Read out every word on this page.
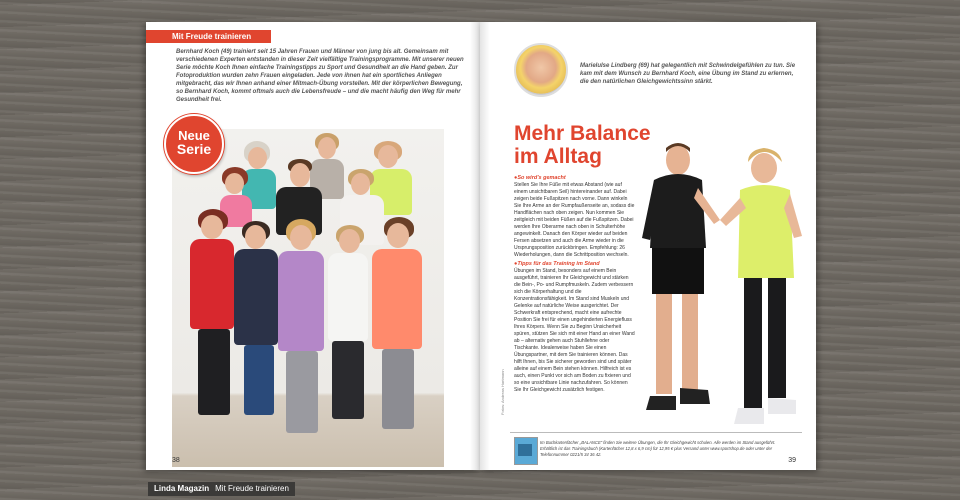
Mit Freude trainieren

Bernhard Koch (49) trainiert seit 15 Jahren Frauen und Männer von jung bis alt. Gemeinsam mit verschiedenen Experten entstanden in dieser Zeit vielfältige Trainingsprogramme. Mit unserer neuen Serie möchte Koch Ihnen einfache Trainingstipps zu Sport und Gesundheit an die Hand geben. Zur Fotoproduktion wurden zehn Frauen eingeladen. Jede von ihnen hat ein sportliches Anliegen mitgebracht, das wir Ihnen anhand einer Mitmach-Übung vorstellen. Mit der körperlichen Bewegung, so Bernhard Koch, kommt oftmals auch die Lebensfreude – und die macht häufig den Weg für mehr Gesundheit frei.

Neue
Serie
38

Marielulse Lindberg (69) hat gelegentlich mit Schwindelgefühlen zu tun. Sie kam mit dem Wunsch zu Bernhard Koch, eine Übung im Stand zu erlernen, die den natürlichen Gleichgewichtssinn stärkt.

Mehr Balance
im Alltag
● So wird's gemacht

Stellen Sie Ihre Füße mit etwas Abstand (wie auf einem unsichtbaren Seil) hintereinander auf. Dabei zeigen beide Fußspitzen nach vorne. Dann winkeln Sie Ihre Arme an der Rumpfaußenseite an, sodass die Handflächen nach oben zeigen. Nun kommen Sie zeitgleich mit beiden Füßen auf die Fußspitzen. Dabei werden Ihre Oberarme nach oben in Schulterhöhe angewinkelt. Danach den Körper wieder auf beiden Fersen absetzen und auch die Arme wieder in die Ursprungsposition zurückbringen. Empfehlung: 26 Wiederholungen, dann die Schrittposition wechseln.

● Tipps für das Training im Stand

Übungen im Stand, besonders auf einem Bein ausgeführt, trainieren Ihr Gleichgewicht und stärken die Bein-, Po- und Rumpfmuskeln. Zudem verbessern sich die Körperhaltung und die Konzentrationsfähigkeit. Im Stand sind Muskeln und Gelenke auf natürliche Weise ausgerichtet. Der Schwerkraft entsprechend, macht eine aufrechte Position Sie frei für einen ungehinderten Energiefluss Ihres Körpers. Wenn Sie zu Beginn Unsicherheit spüren, stützen Sie sich mit einer Hand an einer Wand ab – alternativ gehen auch Stuhllehne oder Tischkante. Idealerweise haben Sie einen Übungspartner, mit dem Sie trainieren können. Das hilft Ihnen, bis Sie sicherer geworden sind und später alleine auf einem Bein stehen können. Hilfreich ist es auch, einen Punkt vor sich am Boden zu fixieren und so eine unsichtbare Linie nachzufahren. So können Sie Ihr Gleichgewicht zusätzlich festigen.

Fotos: Andreas Hartmann

Im Buchkartenfächer „BALANCE“ finden Sie weitere Übungen, die Ihr Gleichgewicht schulen. Alle werden im Stand ausgeführt. Erhältlich ist das Trainingsbuch (Kartenfächer 12,8 x 6,9 cm) für 12,95 € plus Versand unter www.sportshop.de oder unter der Telefonnummer 0221/5 34 36 42.

39
Linda Magazin Mit Freude trainieren
